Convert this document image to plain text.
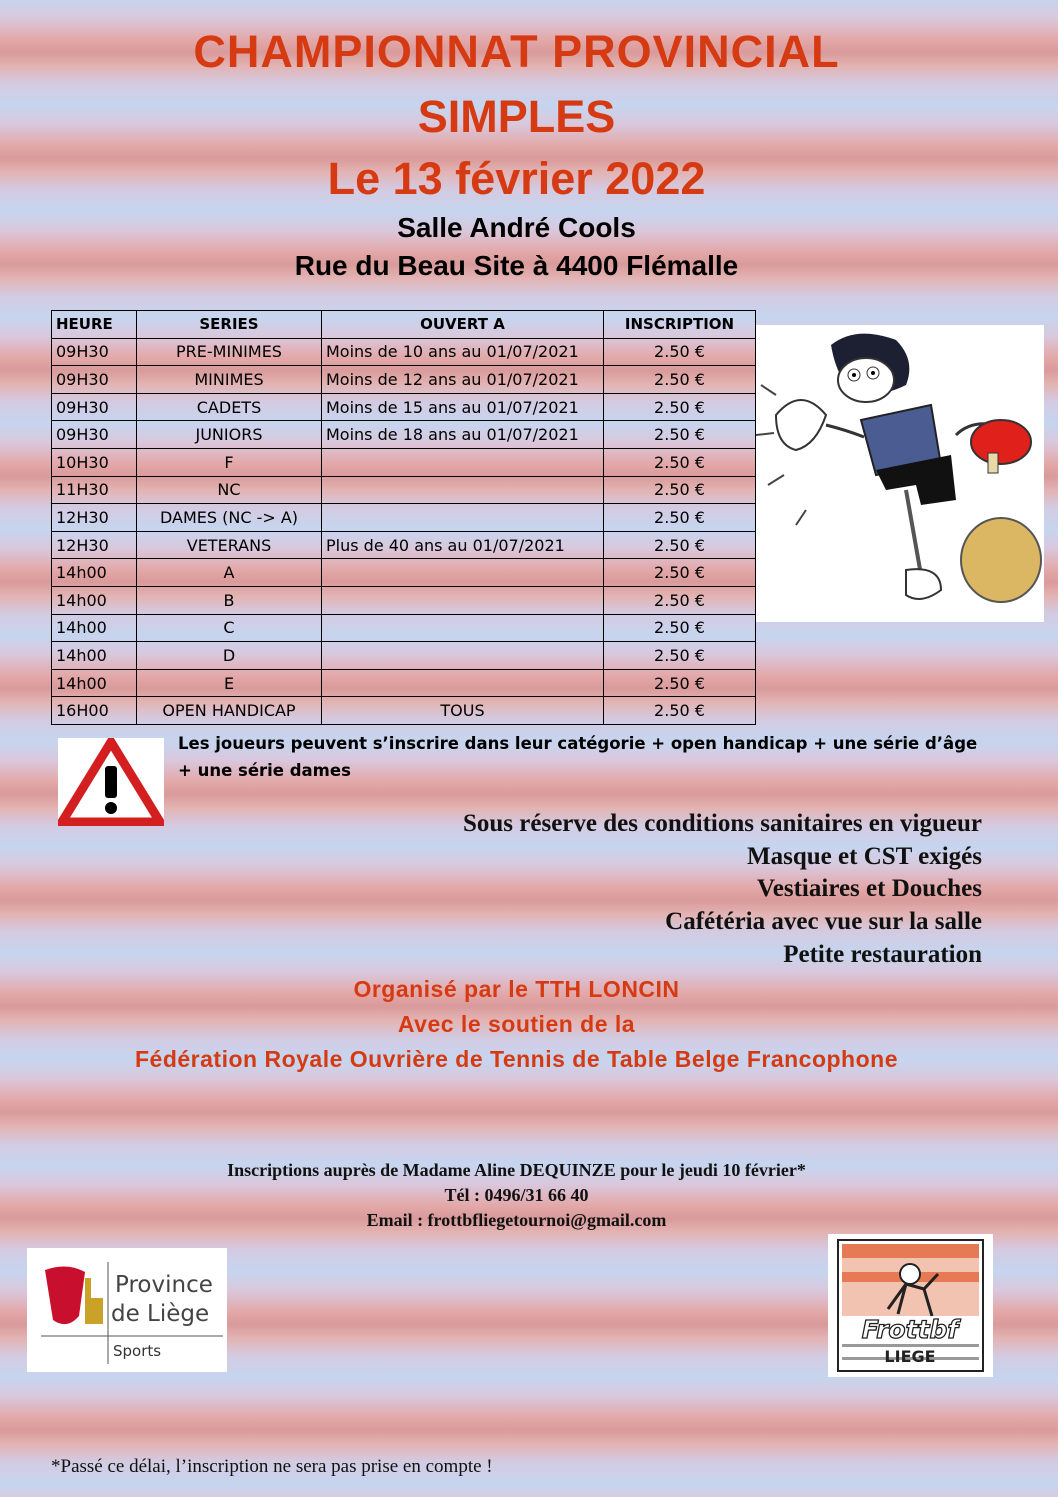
CHAMPIONNAT PROVINCIAL
SIMPLES
Le 13 février 2022
Salle André Cools
Rue du Beau Site à 4400 Flémalle
HEURE	SERIES	OUVERT A	INSCRIPTION
09H30	PRE-MINIMES	Moins de 10 ans au 01/07/2021	2.50 €
09H30	MINIMES	Moins de 12 ans au 01/07/2021	2.50 €
09H30	CADETS	Moins de 15 ans au 01/07/2021	2.50 €
09H30	JUNIORS	Moins de 18 ans au 01/07/2021	2.50 €
10H30	F		2.50 €
11H30	NC		2.50 €
12H30	DAMES (NC -> A)		2.50 €
12H30	VETERANS	Plus de 40 ans au 01/07/2021	2.50 €
14h00	A		2.50 €
14h00	B		2.50 €
14h00	C		2.50 €
14h00	D		2.50 €
14h00	E		2.50 €
16H00	OPEN HANDICAP	TOUS	2.50 €
Les joueurs peuvent s’inscrire dans leur catégorie + open handicap + une série d’âge + une série dames
Sous réserve des conditions sanitaires en vigueur
Masque et CST exigés
Vestiaires et Douches
Cafétéria avec vue sur la salle
Petite restauration
Organisé par le TTH LONCIN
Avec le soutien de la
Fédération Royale Ouvrière de Tennis de Table Belge Francophone
Inscriptions auprès de Madame Aline DEQUINZE pour le jeudi 10 février*
Tél : 0496/31 66 40
Email : frottbfliegetournoi@gmail.com
Province
de Liège
Sports
Frottbf
LIEGE
*Passé ce délai, l’inscription ne sera pas prise en compte !
